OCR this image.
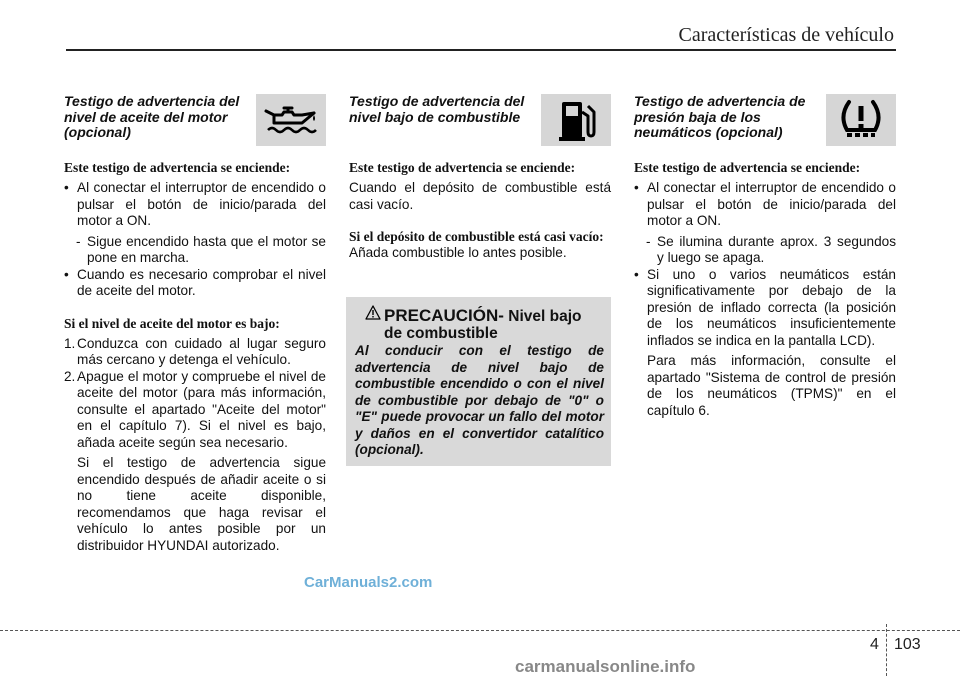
Características de vehículo

Testigo de advertencia del nivel de aceite del motor (opcional)

Este testigo de advertencia se enciende:

• Al conectar el interruptor de encendido o pulsar el botón de inicio/parada del motor a ON.
- Sigue encendido hasta que el motor se pone en marcha.
• Cuando es necesario comprobar el nivel de aceite del motor.

Si el nivel de aceite del motor es bajo:

1. Conduzca con cuidado al lugar seguro más cercano y detenga el vehículo.
2. Apague el motor y compruebe el nivel de aceite del motor (para más información, consulte el apartado "Aceite del motor" en el capítulo 7). Si el nivel es bajo, añada aceite según sea necesario.

Si el testigo de advertencia sigue encendido después de añadir aceite o si no tiene aceite disponible, recomendamos que haga revisar el vehículo lo antes posible por un distribuidor HYUNDAI autorizado.

Testigo de advertencia del nivel bajo de combustible

Este testigo de advertencia se enciende:

Cuando el depósito de combustible está casi vacío.

Si el depósito de combustible está casi vacío:

Añada combustible lo antes posible.

PRECAUCIÓN- Nivel bajo de combustible

Al conducir con el testigo de advertencia de nivel bajo de combustible encendido o con el nivel de combustible por debajo de "0" o "E" puede provocar un fallo del motor y daños en el convertidor catalítico (opcional).

Testigo de advertencia de presión baja de los neumáticos (opcional)

Este testigo de advertencia se enciende:

• Al conectar el interruptor de encendido o pulsar el botón de inicio/parada del motor a ON.
- Se ilumina durante aprox. 3 segundos y luego se apaga.
• Si uno o varios neumáticos están significativamente por debajo de la presión de inflado correcta (la posición de los neumáticos insuficientemente inflados se indica en la pantalla LCD).

Para más información, consulte el apartado "Sistema de control de presión de los neumáticos (TPMS)" en el capítulo 6.

CarManuals2.com
4 103
carmanualsonline.info
